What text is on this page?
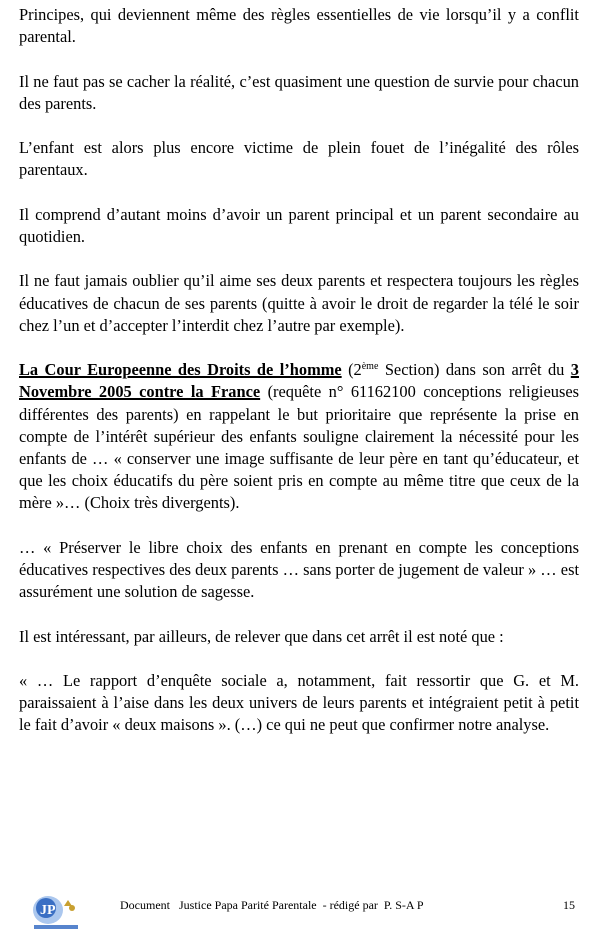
Principes, qui deviennent même des règles essentielles de vie lorsqu’il y a conflit parental.

Il ne faut pas se cacher la réalité, c’est quasiment une question de survie pour chacun des parents.

L’enfant est alors plus encore victime de plein fouet de l’inégalité des rôles parentaux.

Il comprend d’autant moins d’avoir un parent principal et un parent secondaire au quotidien.

Il ne faut jamais oublier qu’il aime ses deux parents et respectera toujours les règles éducatives de chacun de ses parents (quitte à avoir le droit de regarder la télé le soir chez l’un et d’accepter l’interdit chez l’autre par exemple).

La Cour Europeenne des Droits de l’homme (2ème Section) dans son arrêt du 3 Novembre 2005 contre la France (requête n° 61162100 conceptions religieuses différentes des parents) en rappelant le but prioritaire que représente la prise en compte de l’intérêt supérieur des enfants souligne clairement la nécessité pour les enfants de … « conserver une image suffisante de leur père en tant qu’éducateur, et que les choix éducatifs du père soient pris en compte au même titre que ceux de la mère »… (Choix très divergents).

… « Préserver le libre choix des enfants en prenant en compte les conceptions éducatives respectives des deux parents … sans porter de jugement de valeur » … est assurément une solution de sagesse.

Il est intéressant, par ailleurs, de relever que dans cet arrêt il est noté que :

« … Le rapport d’enquête sociale a, notamment, fait ressortir que G. et M. paraissaient à l’aise dans les deux univers de leurs parents et intégraient petit à petit le fait d’avoir « deux maisons ». (…) ce qui ne peut que confirmer notre analyse.

J P	Document   Justice Papa Parité Parentale  - rédigé par  P. S-A P	15
